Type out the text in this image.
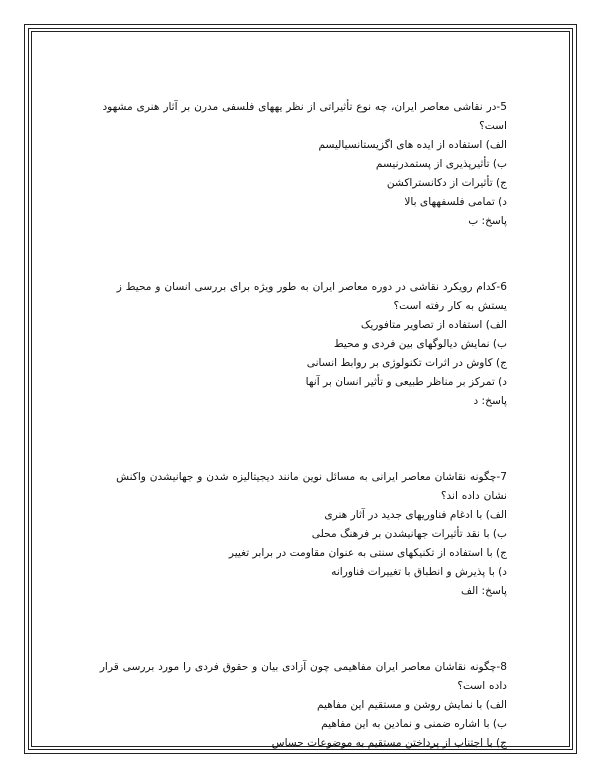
5-در نقاشی معاصر ایران، چه نوع تأثیراتی از نظر یههای فلسفی مدرن بر آثار هنری مشهود است؟
الف) استفاده از ایده های اگزیستانسیالیسم
ب) تأثیرپذیری از پستمدرنیسم
ج) تأثیرات از دکانستراکشن
د) تمامی فلسفههای بالا
پاسخ: ب
6-کدام رویکرد نقاشی در دوره معاصر ایران به طور ویژه برای بررسی انسان و محیط ز یستش به کار رفته است؟
الف) استفاده از تصاویر متافوریک
ب) نمایش دیالوگهای بین فردی و محیط
ج) کاوش در اثرات تکنولوژی بر روابط انسانی
د) تمرکز بر مناظر طبیعی و تأثیر انسان بر آنها
پاسخ: د
7-چگونه نقاشان معاصر ایرانی به مسائل نوین مانند دیجیتالیزه شدن و جهانیشدن واکنش نشان داده اند؟
الف) با ادغام فناوریهای جدید در آثار هنری
ب) با نقد تأثیرات جهانیشدن بر فرهنگ محلی
ج) با استفاده از تکنیکهای سنتی به عنوان مقاومت در برابر تغییر
د) با پذیرش و انطباق با تغییرات فناورانه
پاسخ: الف
8-چگونه نقاشان معاصر ایران مفاهیمی چون آزادی بیان و حقوق فردی را مورد بررسی قرار داده است؟
الف) با نمایش روشن و مستقیم این مفاهیم
ب) با اشاره ضمنی و نمادین به این مفاهیم
ج) با اجتناب از پرداختن مستقیم به موضوعات حساس
